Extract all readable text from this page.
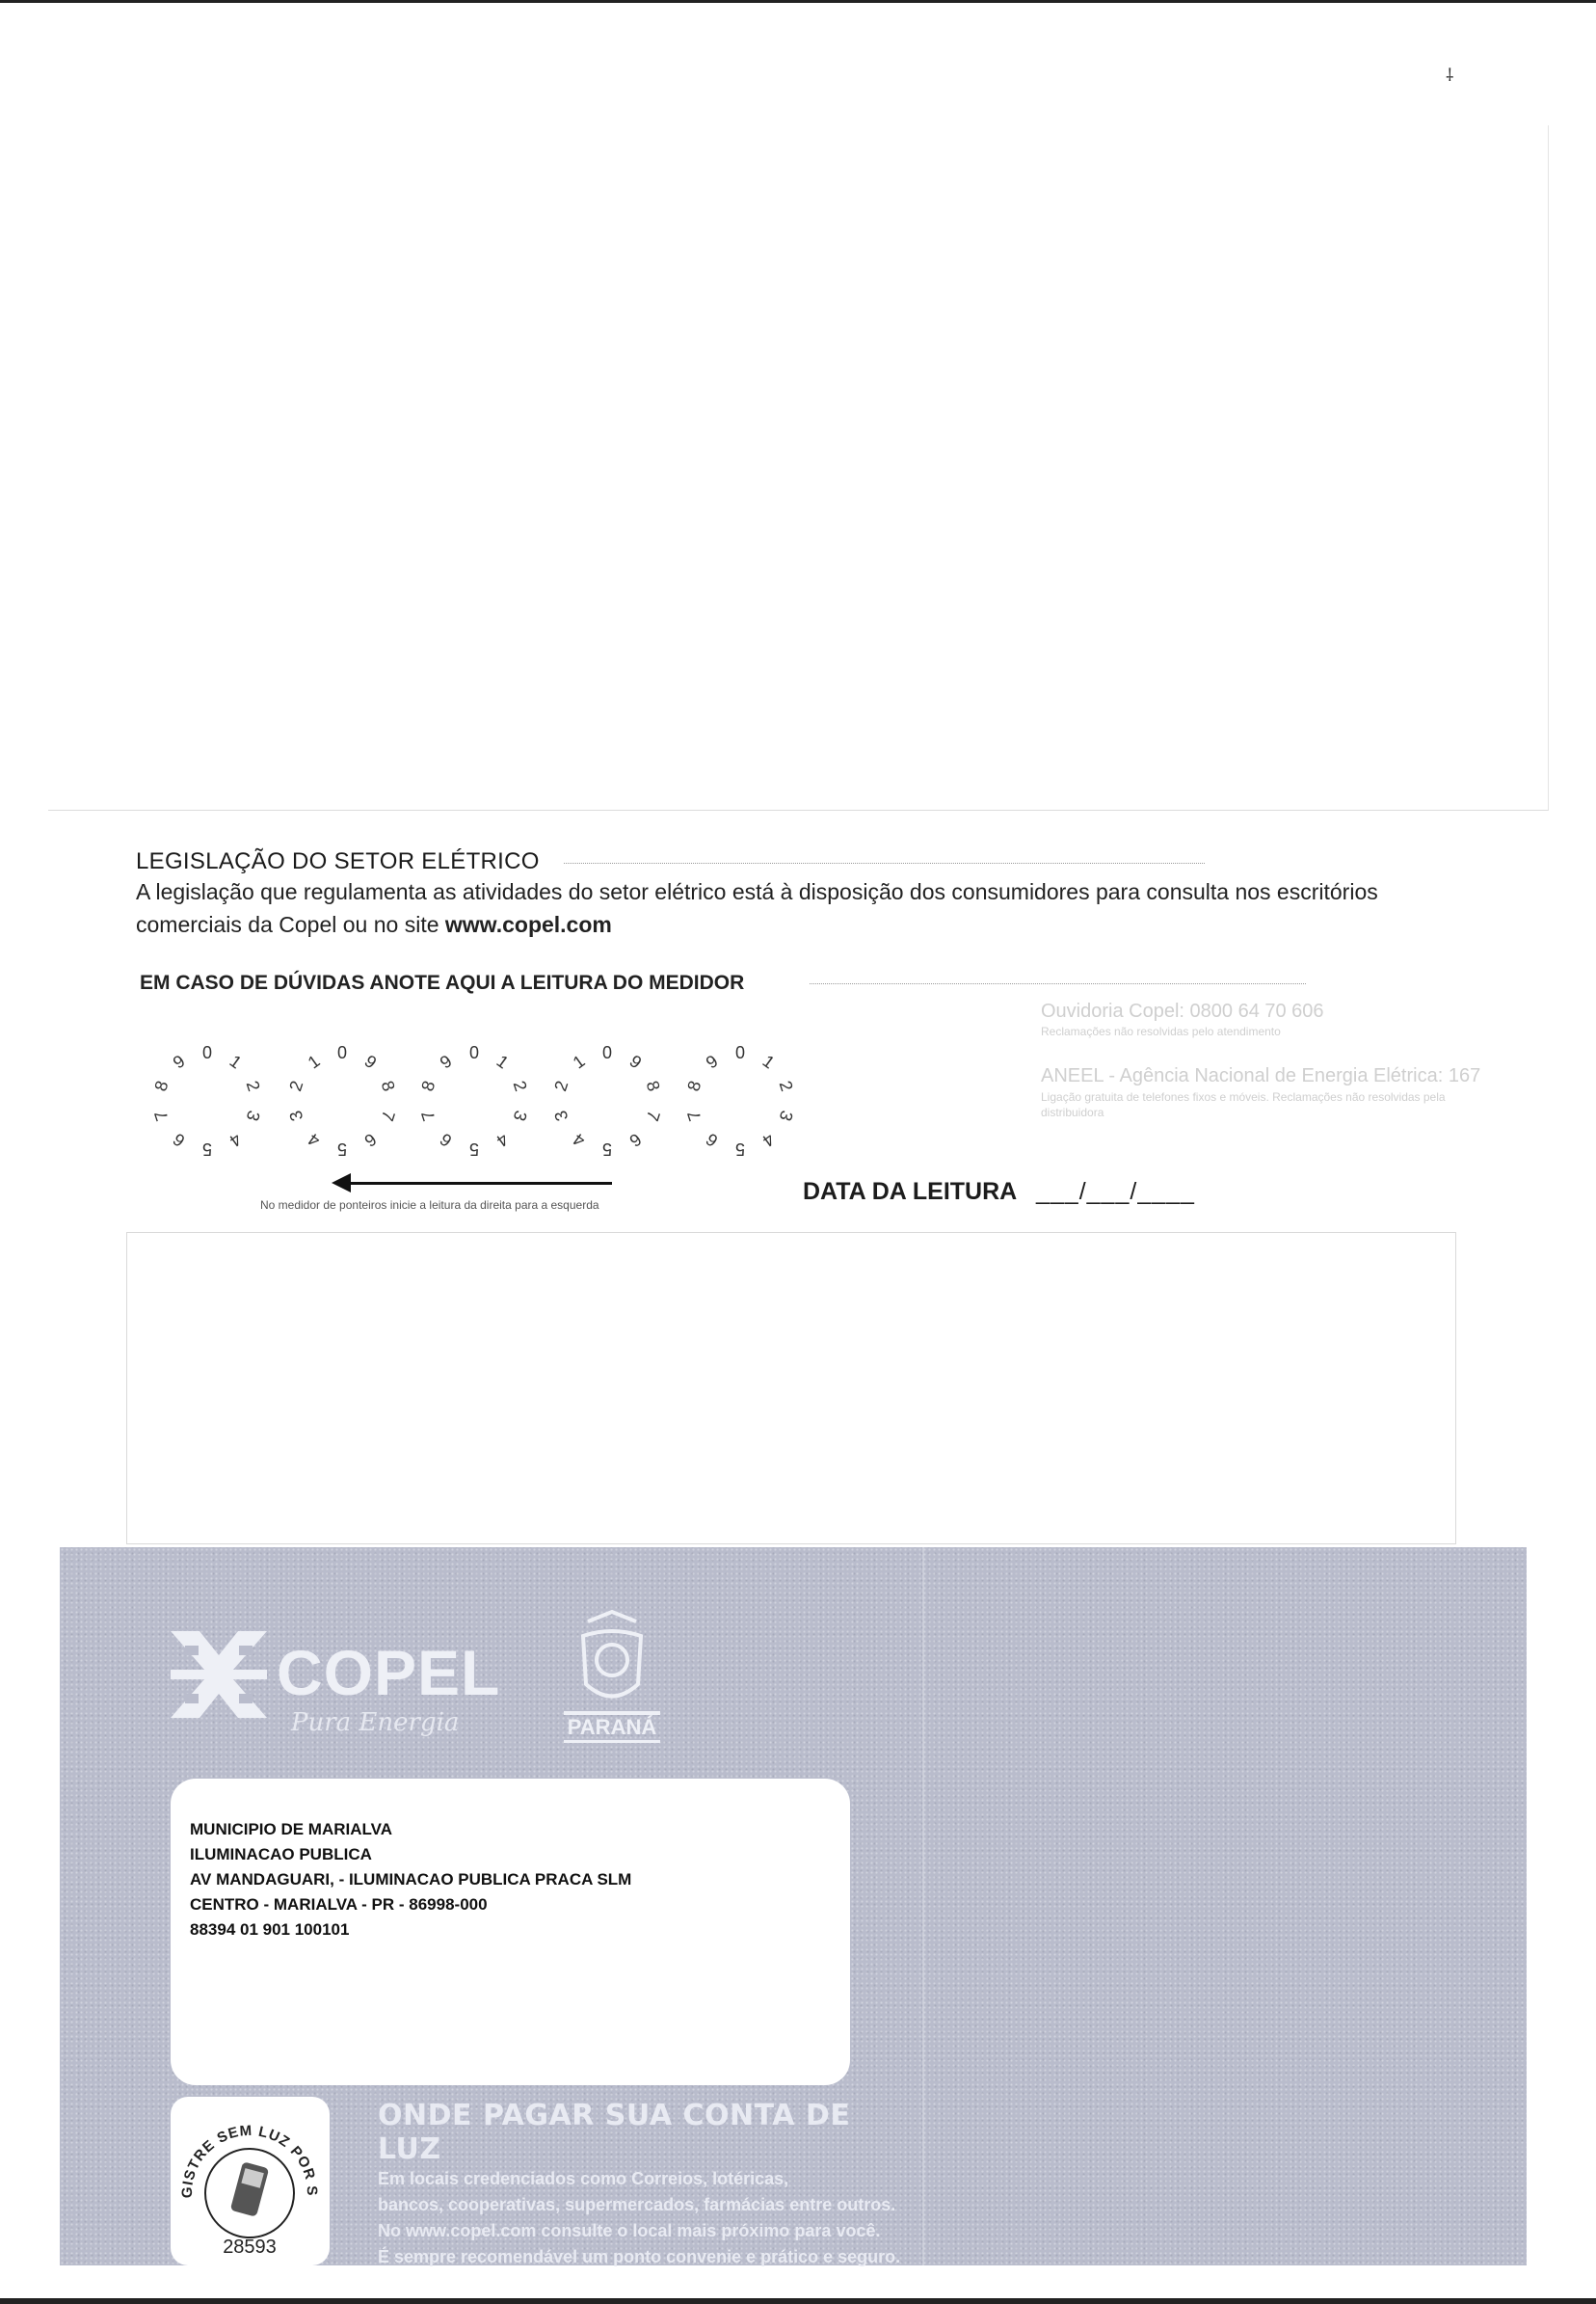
⸸
LEGISLAÇÃO DO SETOR ELÉTRICO
A legislação que regulamenta as atividades do setor elétrico está à disposição dos consumidores para consulta nos escritórios comerciais da Copel ou no site www.copel.com
EM CASO DE DÚVIDAS ANOTE AQUI A LEITURA DO MEDIDOR
0 1
2
3
4
5
6
7
8
9	0
1
2
3
4 5 6
7
8
9	0 1
2
3
4
5
6
7
8
9	0
1
2
3
4 5 6
7
8
9	0 1
2
3
4
5
6
7
8
9
No medidor de ponteiros inicie a leitura da direita para a esquerda	DATA DA LEITURA ___/___/____
Ouvidoria Copel: 0800 64 70 606
Reclamações não resolvidas pelo atendimento
ANEEL - Agência Nacional de Energia Elétrica: 167
Ligação gratuita de telefones fixos e móveis. Reclamações não resolvidas pela distribuidora
COPEL
Pura Energia	PARANÁ
MUNICIPIO DE MARIALVA
ILUMINACAO PUBLICA
AV MANDAGUARI, - ILUMINACAO PUBLICA PRACA SLM
CENTRO - MARIALVA - PR - 86998-000
88394 01 901 100101
GISTRE SEM LUZ POR S
28593
ONDE PAGAR SUA CONTA DE LUZ
Em locais credenciados como Correios, lotéricas,
bancos, cooperativas, supermercados, farmácias entre outros.
No www.copel.com consulte o local mais próximo para você.
É sempre recomendável um ponto convenie e prático e seguro.
